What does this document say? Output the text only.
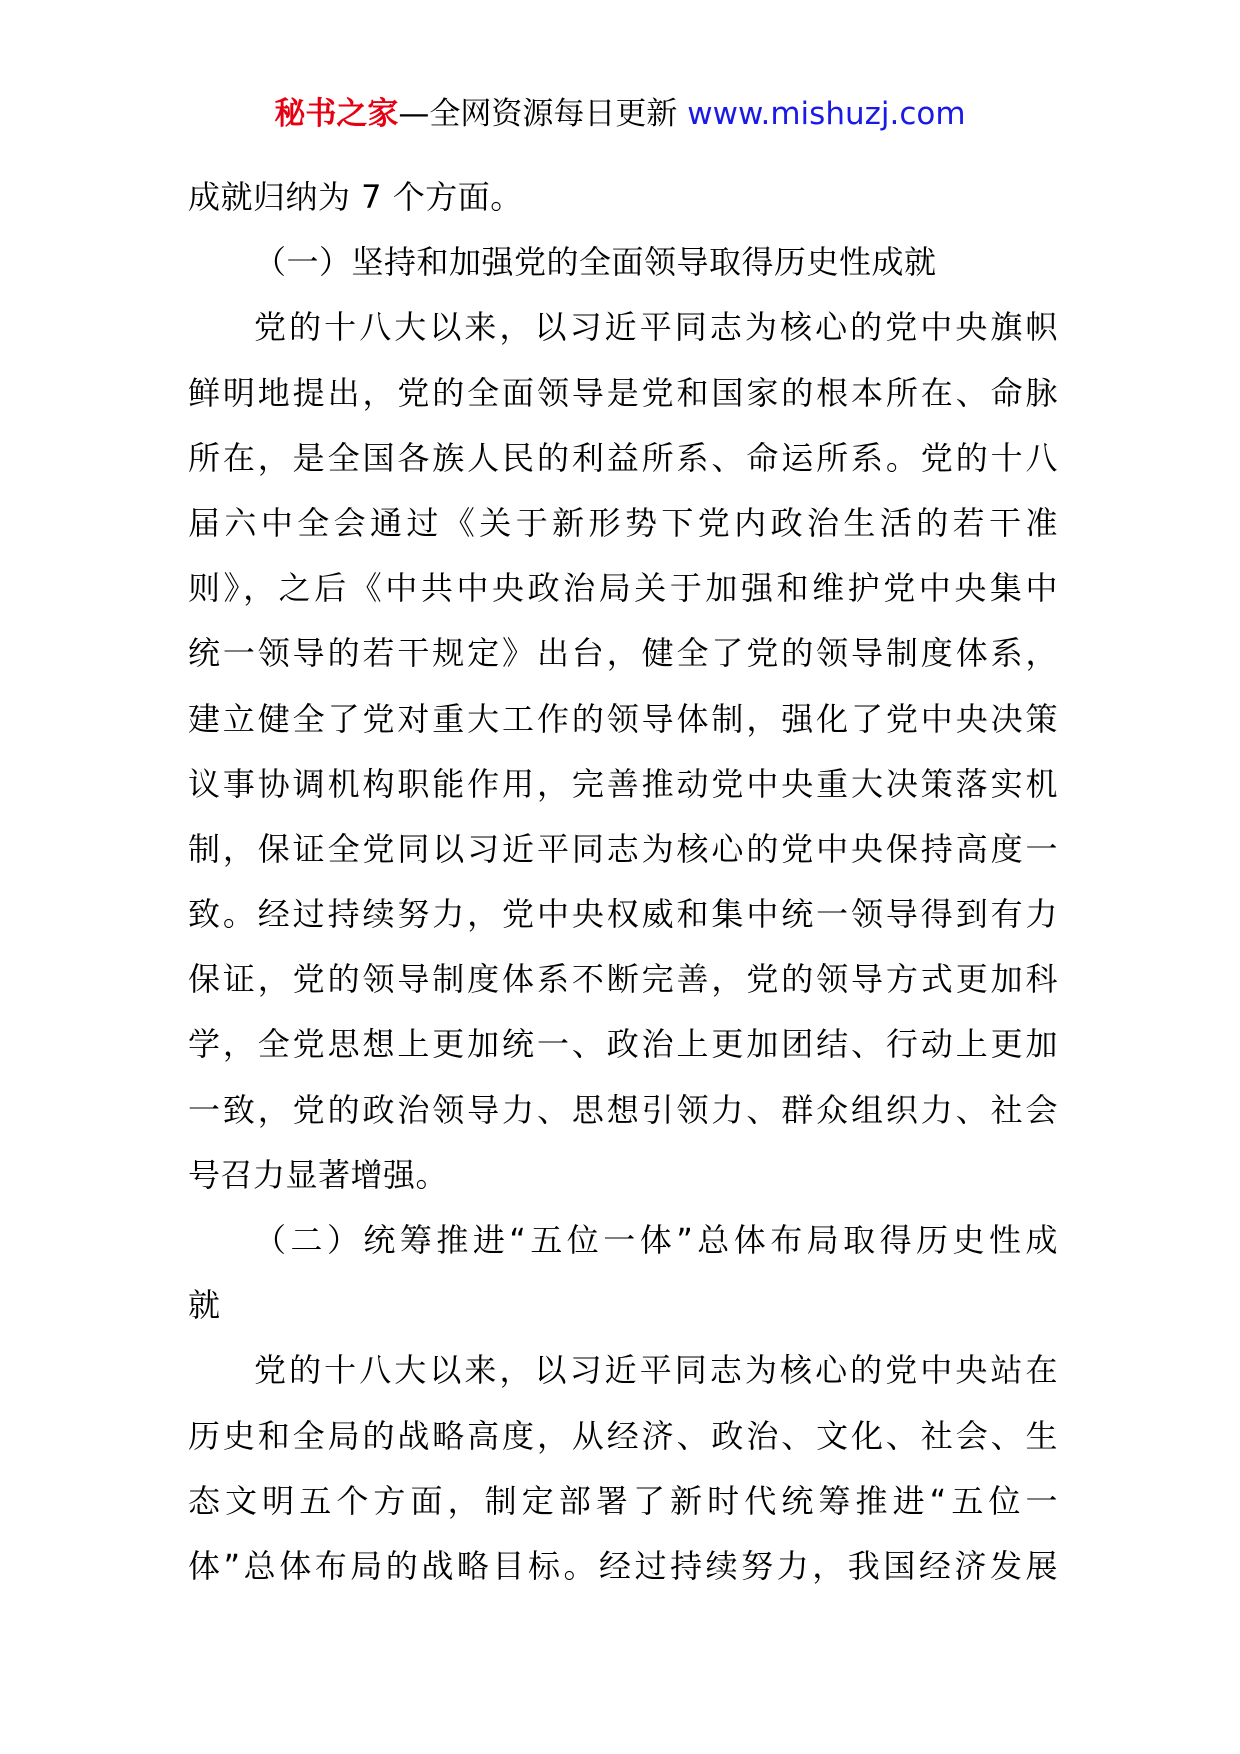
秘书之家—全网资源每日更新 www.mishuzj.com
成就归纳为 7 个方面。
（一）坚持和加强党的全面领导取得历史性成就
党的十八大以来，以习近平同志为核心的党中央旗帜
鲜明地提出，党的全面领导是党和国家的根本所在、命脉
所在，是全国各族人民的利益所系、命运所系。党的十八
届六中全会通过《关于新形势下党内政治生活的若干准
则》，之后《中共中央政治局关于加强和维护党中央集中
统一领导的若干规定》出台，健全了党的领导制度体系，
建立健全了党对重大工作的领导体制，强化了党中央决策
议事协调机构职能作用，完善推动党中央重大决策落实机
制，保证全党同以习近平同志为核心的党中央保持高度一
致。经过持续努力，党中央权威和集中统一领导得到有力
保证，党的领导制度体系不断完善，党的领导方式更加科
学，全党思想上更加统一、政治上更加团结、行动上更加
一致，党的政治领导力、思想引领力、群众组织力、社会
号召力显著增强。
（二）统筹推进“五位一体”总体布局取得历史性成
就
党的十八大以来，以习近平同志为核心的党中央站在
历史和全局的战略高度，从经济、政治、文化、社会、生
态文明五个方面，制定部署了新时代统筹推进“五位一
体”总体布局的战略目标。经过持续努力，我国经济发展
